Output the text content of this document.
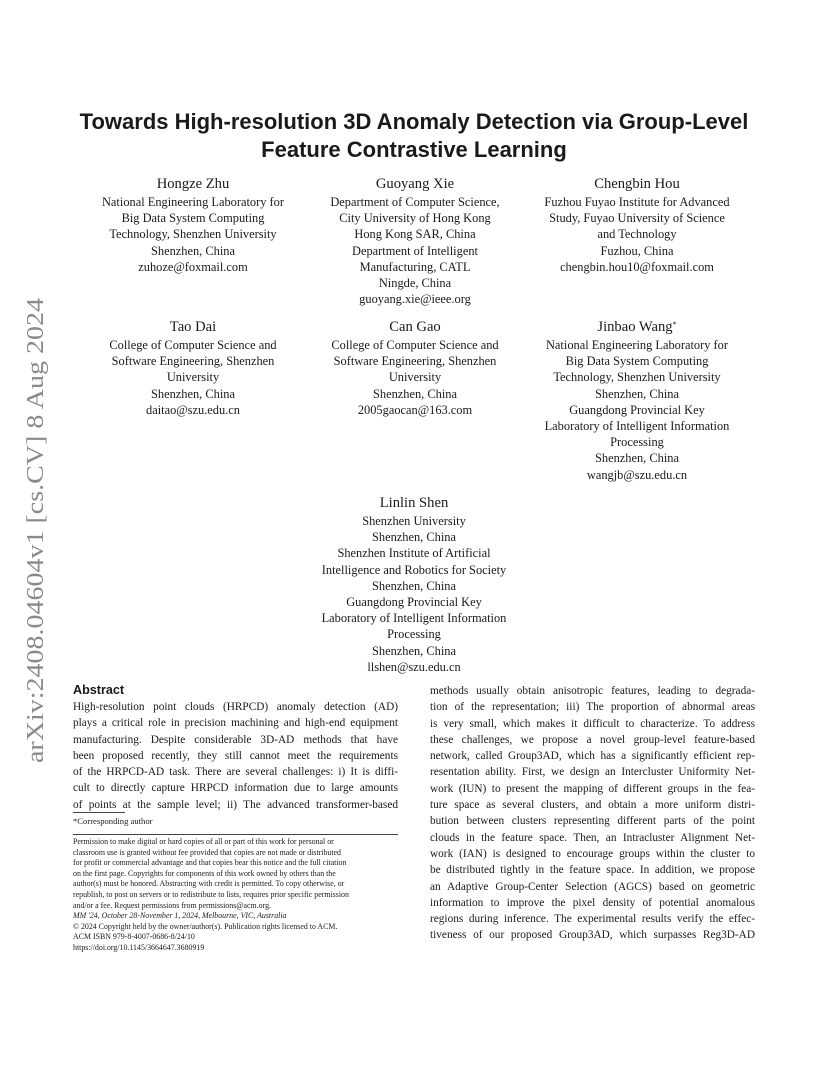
arXiv:2408.04604v1 [cs.CV] 8 Aug 2024
Towards High-resolution 3D Anomaly Detection via Group-Level
Feature Contrastive Learning
Hongze Zhu
National Engineering Laboratory for
Big Data System Computing
Technology, Shenzhen University
Shenzhen, China
zuhoze@foxmail.com
Guoyang Xie
Department of Computer Science,
City University of Hong Kong
Hong Kong SAR, China
Department of Intelligent
Manufacturing, CATL
Ningde, China
guoyang.xie@ieee.org
Chengbin Hou
Fuzhou Fuyao Institute for Advanced
Study, Fuyao University of Science
and Technology
Fuzhou, China
chengbin.hou10@foxmail.com
Tao Dai
College of Computer Science and
Software Engineering, Shenzhen
University
Shenzhen, China
daitao@szu.edu.cn
Can Gao
College of Computer Science and
Software Engineering, Shenzhen
University
Shenzhen, China
2005gaocan@163.com
Jinbao Wang*
National Engineering Laboratory for
Big Data System Computing
Technology, Shenzhen University
Shenzhen, China
Guangdong Provincial Key
Laboratory of Intelligent Information
Processing
Shenzhen, China
wangjb@szu.edu.cn
Linlin Shen
Shenzhen University
Shenzhen, China
Shenzhen Institute of Artificial
Intelligence and Robotics for Society
Shenzhen, China
Guangdong Provincial Key
Laboratory of Intelligent Information
Processing
Shenzhen, China
llshen@szu.edu.cn
Abstract
High-resolution point clouds (HRPCD) anomaly detection (AD)
plays a critical role in precision machining and high-end equipment
manufacturing. Despite considerable 3D-AD methods that have
been proposed recently, they still cannot meet the requirements
of the HRPCD-AD task. There are several challenges: i) It is diffi-
cult to directly capture HRPCD information due to large amounts
of points at the sample level; ii) The advanced transformer-based
*Corresponding author
Permission to make digital or hard copies of all or part of this work for personal or
classroom use is granted without fee provided that copies are not made or distributed
for profit or commercial advantage and that copies bear this notice and the full citation
on the first page. Copyrights for components of this work owned by others than the
author(s) must be honored. Abstracting with credit is permitted. To copy otherwise, or
republish, to post on servers or to redistribute to lists, requires prior specific permission
and/or a fee. Request permissions from permissions@acm.org.
MM '24, October 28-November 1, 2024, Melbourne, VIC, Australia
© 2024 Copyright held by the owner/author(s). Publication rights licensed to ACM.
ACM ISBN 979-8-4007-0686-8/24/10
https://doi.org/10.1145/3664647.3680919
methods usually obtain anisotropic features, leading to degrada-
tion of the representation; iii) The proportion of abnormal areas
is very small, which makes it difficult to characterize. To address
these challenges, we propose a novel group-level feature-based
network, called Group3AD, which has a significantly efficient rep-
resentation ability. First, we design an Intercluster Uniformity Net-
work (IUN) to present the mapping of different groups in the fea-
ture space as several clusters, and obtain a more uniform distri-
bution between clusters representing different parts of the point
clouds in the feature space. Then, an Intracluster Alignment Net-
work (IAN) is designed to encourage groups within the cluster to
be distributed tightly in the feature space. In addition, we propose
an Adaptive Group-Center Selection (AGCS) based on geometric
information to improve the pixel density of potential anomalous
regions during inference. The experimental results verify the effec-
tiveness of our proposed Group3AD, which surpasses Reg3D-AD
